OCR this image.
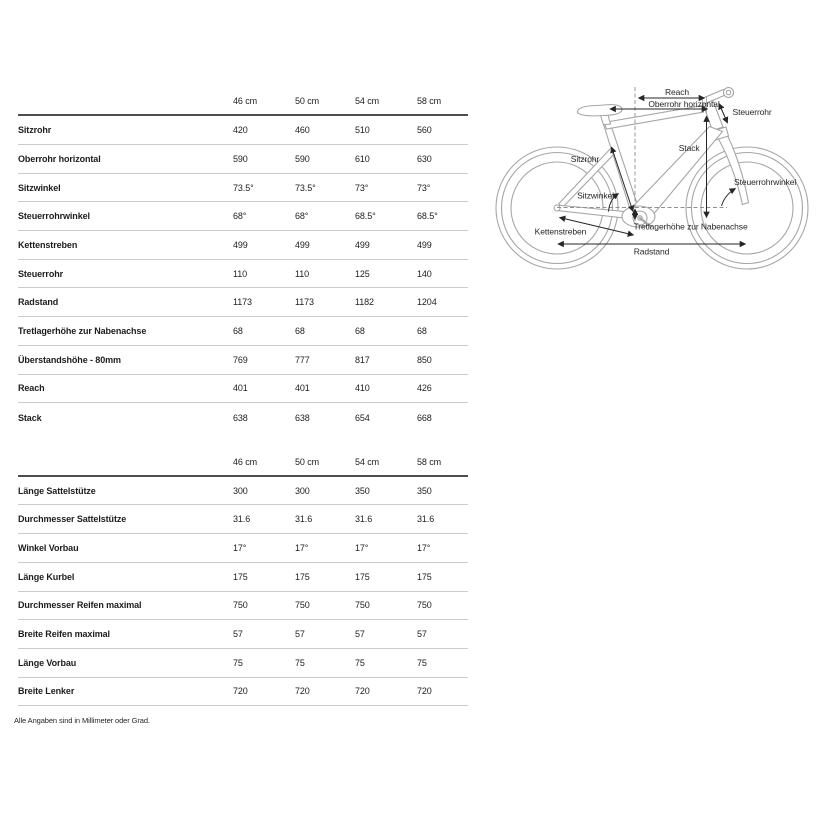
46 cm	50 cm	54 cm	58 cm
Sitzrohr	420	460	510	560
Oberrohr horizontal	590	590	610	630
Sitzwinkel	73.5°	73.5°	73°	73°
Steuerrohrwinkel	68°	68°	68.5°	68.5°
Kettenstreben	499	499	499	499
Steuerrohr	110	110	125	140
Radstand	1173	1173	1182	1204
Tretlagerhöhe zur Nabenachse	68	68	68	68
Überstandshöhe - 80mm	769	777	817	850
Reach	401	401	410	426
Stack	638	638	654	668
46 cm	50 cm	54 cm	58 cm
Länge Sattelstütze	300	300	350	350
Durchmesser Sattelstütze	31.6	31.6	31.6	31.6
Winkel Vorbau	17°	17°	17°	17°
Länge Kurbel	175	175	175	175
Durchmesser Reifen maximal	750	750	750	750
Breite Reifen maximal	57	57	57	57
Länge Vorbau	75	75	75	75
Breite Lenker	720	720	720	720
Alle Angaben sind in Millimeter oder Grad.
Reach
Oberrohr horizontal
Steuerrohr
Stack
Sitzrohr
Sitzwinkel
Steuerrohrwinkel
Kettenstreben	Tretlagerhöhe zur Nabenachse
Radstand
